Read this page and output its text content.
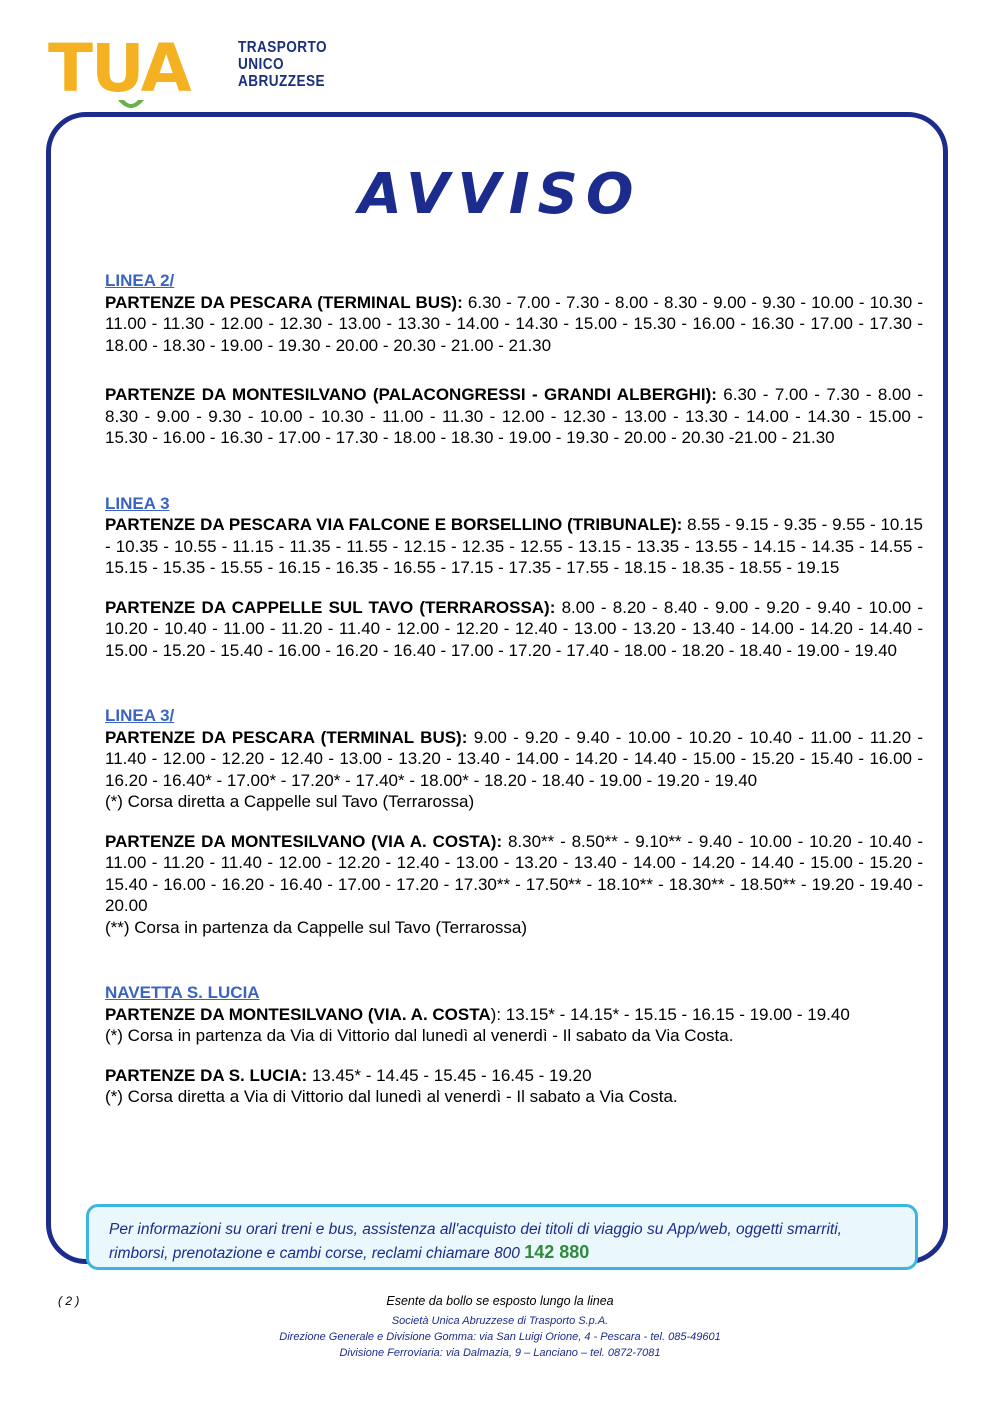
TUA	TRASPORTO
UNICO
ABRUZZESE
AVVISO
LINEA 2/
PARTENZE DA PESCARA (TERMINAL BUS): 6.30 - 7.00 - 7.30 - 8.00 - 8.30 - 9.00 - 9.30 - 10.00 - 10.30 - 11.00 - 11.30 - 12.00 - 12.30 - 13.00 - 13.30 - 14.00 - 14.30 - 15.00 - 15.30 - 16.00 - 16.30 - 17.00 - 17.30 - 18.00 - 18.30 - 19.00 - 19.30 - 20.00 - 20.30 - 21.00 - 21.30
PARTENZE DA MONTESILVANO (PALACONGRESSI - GRANDI ALBERGHI): 6.30 - 7.00 - 7.30 - 8.00 - 8.30 - 9.00 - 9.30 - 10.00 - 10.30 - 11.00 - 11.30 - 12.00 - 12.30 - 13.00 - 13.30 - 14.00 - 14.30 - 15.00 - 15.30 - 16.00 - 16.30 - 17.00 - 17.30 - 18.00 - 18.30 - 19.00 - 19.30 - 20.00 - 20.30 -21.00 - 21.30
LINEA 3
PARTENZE DA PESCARA VIA FALCONE E BORSELLINO (TRIBUNALE): 8.55 - 9.15 - 9.35 - 9.55 - 10.15 - 10.35 - 10.55 - 11.15 - 11.35 - 11.55 - 12.15 - 12.35 - 12.55 - 13.15 - 13.35 - 13.55 - 14.15 - 14.35 - 14.55 - 15.15 - 15.35 - 15.55 - 16.15 - 16.35 - 16.55 - 17.15 - 17.35 - 17.55 - 18.15 - 18.35 - 18.55 - 19.15
PARTENZE DA CAPPELLE SUL TAVO (TERRAROSSA): 8.00 - 8.20 - 8.40 - 9.00 - 9.20 - 9.40 - 10.00 - 10.20 - 10.40 - 11.00 - 11.20 - 11.40 - 12.00 - 12.20 - 12.40 - 13.00 - 13.20 - 13.40 - 14.00 - 14.20 - 14.40 - 15.00 - 15.20 - 15.40 - 16.00 - 16.20 - 16.40 - 17.00 - 17.20 - 17.40 - 18.00 - 18.20 - 18.40 - 19.00 - 19.40
LINEA 3/
PARTENZE DA PESCARA (TERMINAL BUS): 9.00 - 9.20 - 9.40 - 10.00 - 10.20 - 10.40 - 11.00 - 11.20 - 11.40 - 12.00 - 12.20 - 12.40 - 13.00 - 13.20 - 13.40 - 14.00 - 14.20 - 14.40 - 15.00 - 15.20 - 15.40 - 16.00 - 16.20 - 16.40* - 17.00* - 17.20* - 17.40* - 18.00* - 18.20 - 18.40 - 19.00 - 19.20 - 19.40
(*) Corsa diretta a Cappelle sul Tavo (Terrarossa)
PARTENZE DA MONTESILVANO (VIA A. COSTA): 8.30** - 8.50** - 9.10** - 9.40 - 10.00 - 10.20 - 10.40 - 11.00 - 11.20 - 11.40 - 12.00 - 12.20 - 12.40 - 13.00 - 13.20 - 13.40 - 14.00 - 14.20 - 14.40 - 15.00 - 15.20 - 15.40 - 16.00 - 16.20 - 16.40 - 17.00 - 17.20 - 17.30** - 17.50** - 18.10** - 18.30** - 18.50** - 19.20 - 19.40 - 20.00
(**) Corsa in partenza da Cappelle sul Tavo (Terrarossa)
NAVETTA S. LUCIA
PARTENZE DA MONTESILVANO (VIA. A. COSTA): 13.15* - 14.15* - 15.15 - 16.15 - 19.00 - 19.40
(*) Corsa in partenza da Via di Vittorio dal lunedì al venerdì - Il sabato da Via Costa.
PARTENZE DA S. LUCIA: 13.45* - 14.45 - 15.45 - 16.45 - 19.20
(*) Corsa diretta a Via di Vittorio dal lunedì al venerdì - Il sabato a Via Costa.
Per informazioni su orari treni e bus, assistenza all'acquisto dei titoli di viaggio su App/web, oggetti smarriti, rimborsi, prenotazione e cambi corse, reclami chiamare 800 142 880
( 2 )	Esente da bollo se esposto lungo la linea
Società Unica Abruzzese di Trasporto S.p.A.
Direzione Generale e Divisione Gomma: via San Luigi Orione, 4 - Pescara - tel. 085-49601
Divisione Ferroviaria: via Dalmazia, 9 – Lanciano – tel. 0872-7081
